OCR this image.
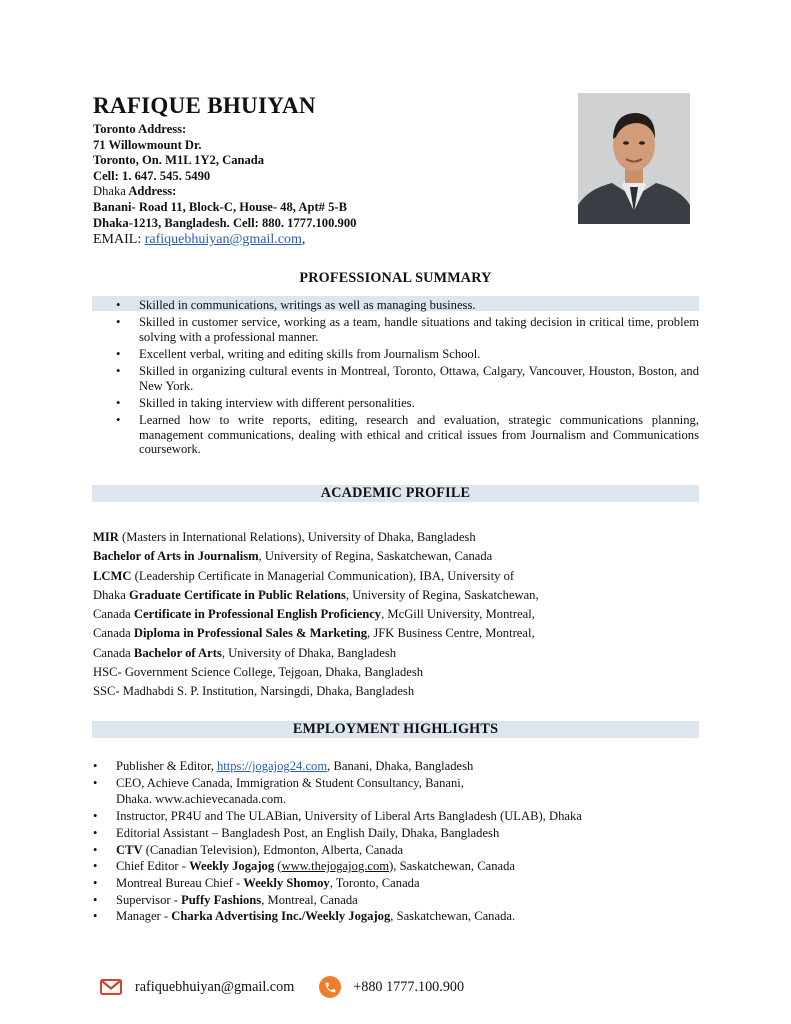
RAFIQUE BHUIYAN
Toronto Address:
71 Willowmount Dr.
Toronto, On. M1L 1Y2, Canada
Cell: 1. 647. 545. 5490
Dhaka Address:
Banani- Road 11, Block-C, House- 48, Apt# 5-B
Dhaka-1213, Bangladesh. Cell: 880. 1777.100.900
EMAIL: rafiquebhuiyan@gmail.com,
PROFESSIONAL SUMMARY
• Skilled in communications, writings as well as managing business.
• Skilled in customer service, working as a team, handle situations and taking decision in critical time, problem solving with a professional manner.
• Excellent verbal, writing and editing skills from Journalism School.
• Skilled in organizing cultural events in Montreal, Toronto, Ottawa, Calgary, Vancouver, Houston, Boston, and New York.
• Skilled in taking interview with different personalities.
• Learned how to write reports, editing, research and evaluation, strategic communications planning, management communications, dealing with ethical and critical issues from Journalism and Communications coursework.
ACADEMIC PROFILE
MIR (Masters in International Relations), University of Dhaka, Bangladesh
Bachelor of Arts in Journalism, University of Regina, Saskatchewan, Canada
LCMC (Leadership Certificate in Managerial Communication), IBA, University of
Dhaka Graduate Certificate in Public Relations, University of Regina, Saskatchewan,
Canada Certificate in Professional English Proficiency, McGill University, Montreal,
Canada Diploma in Professional Sales & Marketing, JFK Business Centre, Montreal,
Canada Bachelor of Arts, University of Dhaka, Bangladesh
HSC- Government Science College, Tejgoan, Dhaka, Bangladesh
SSC- Madhabdi S. P. Institution, Narsingdi, Dhaka, Bangladesh
EMPLOYMENT HIGHLIGHTS
• Publisher & Editor, https://jogajog24.com, Banani, Dhaka, Bangladesh
• CEO, Achieve Canada, Immigration & Student Consultancy, Banani,
Dhaka. www.achievecanada.com.
• Instructor, PR4U and The ULABian, University of Liberal Arts Bangladesh (ULAB), Dhaka
• Editorial Assistant – Bangladesh Post, an English Daily, Dhaka, Bangladesh
• CTV (Canadian Television), Edmonton, Alberta, Canada
• Chief Editor - Weekly Jogajog (www.thejogajog.com), Saskatchewan, Canada
• Montreal Bureau Chief - Weekly Shomoy, Toronto, Canada
• Supervisor - Puffy Fashions, Montreal, Canada
• Manager - Charka Advertising Inc./Weekly Jogajog, Saskatchewan, Canada.
rafiquebhuiyan@gmail.com	+880 1777.100.900
